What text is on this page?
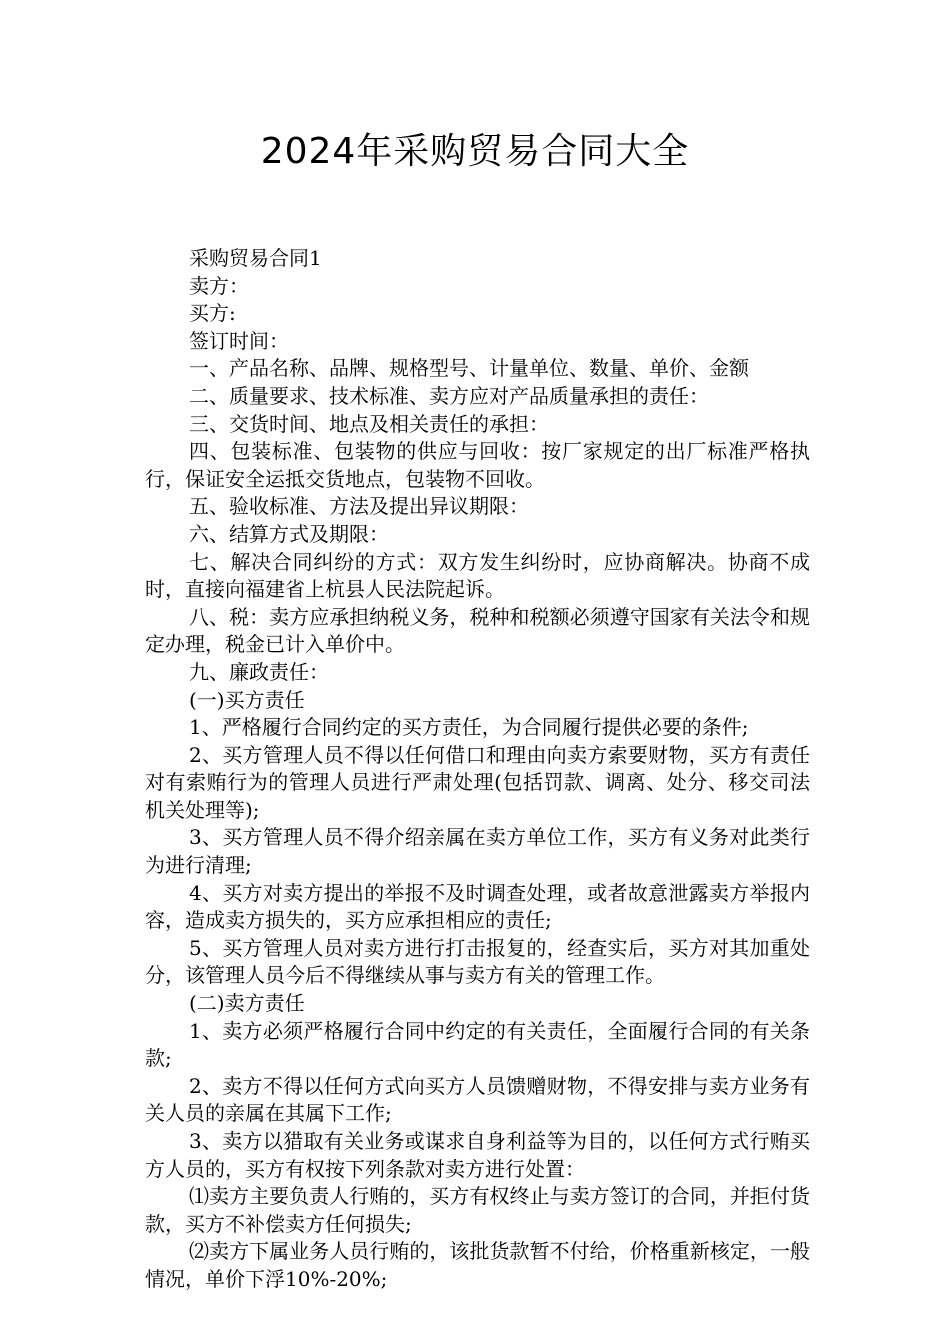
2024年采购贸易合同大全

采购贸易合同1

卖方：

买方:

签订时间：

一、产品名称、品牌、规格型号、计量单位、数量、单价、金额

二、质量要求、技术标准、卖方应对产品质量承担的责任：

三、交货时间、地点及相关责任的承担：

四、包装标准、包装物的供应与回收：按厂家规定的出厂标准严格执行，保证安全运抵交货地点，包装物不回收。

五、验收标准、方法及提出异议期限：

六、结算方式及期限：

七、解决合同纠纷的方式：双方发生纠纷时，应协商解决。协商不成时，直接向福建省上杭县人民法院起诉。

八、税：卖方应承担纳税义务，税种和税额必须遵守国家有关法令和规定办理，税金已计入单价中。

九、廉政责任：

(一)买方责任

1、严格履行合同约定的买方责任，为合同履行提供必要的条件;

2、买方管理人员不得以任何借口和理由向卖方索要财物，买方有责任对有索贿行为的管理人员进行严肃处理(包括罚款、调离、处分、移交司法机关处理等);

3、买方管理人员不得介绍亲属在卖方单位工作，买方有义务对此类行为进行清理;

4、买方对卖方提出的举报不及时调查处理，或者故意泄露卖方举报内容，造成卖方损失的，买方应承担相应的责任;

5、买方管理人员对卖方进行打击报复的，经查实后，买方对其加重处分，该管理人员今后不得继续从事与卖方有关的管理工作。

(二)卖方责任

1、卖方必须严格履行合同中约定的有关责任，全面履行合同的有关条款;

2、卖方不得以任何方式向买方人员馈赠财物，不得安排与卖方业务有关人员的亲属在其属下工作;

3、卖方以猎取有关业务或谋求自身利益等为目的，以任何方式行贿买方人员的，买方有权按下列条款对卖方进行处置：

⑴卖方主要负责人行贿的，买方有权终止与卖方签订的合同，并拒付货款，买方不补偿卖方任何损失;

⑵卖方下属业务人员行贿的，该批货款暂不付给，价格重新核定，一般情况，单价下浮10%-20%;
